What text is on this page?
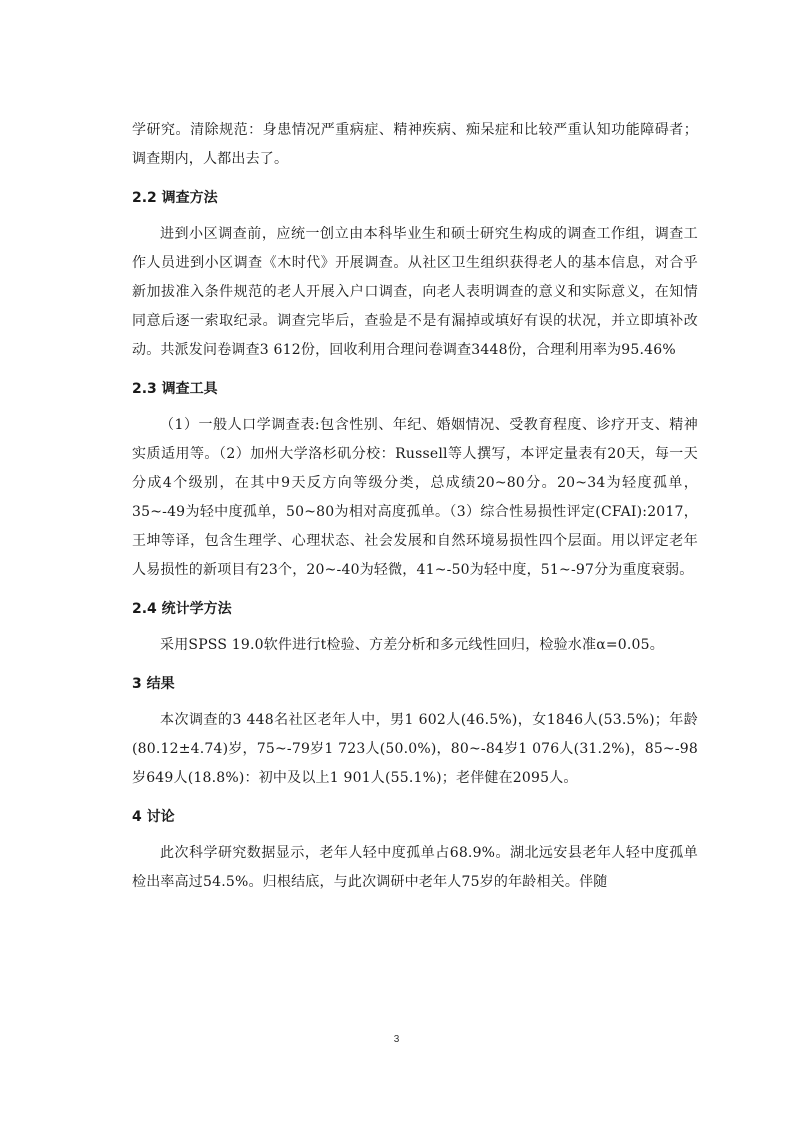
学研究。清除规范：身患情况严重病症、精神疾病、痴呆症和比较严重认知功能障碍者；调查期内，人都出去了。

2.2 调查方法

进到小区调查前，应统一创立由本科毕业生和硕士研究生构成的调查工作组，调查工作人员进到小区调查《木时代》开展调查。从社区卫生组织获得老人的基本信息，对合乎新加拔准入条件规范的老人开展入户口调查，向老人表明调查的意义和实际意义，在知情同意后逐一索取纪录。调查完毕后，查验是不是有漏掉或填好有误的状况，并立即填补改动。共派发问卷调查3 612份，回收利用合理问卷调查3448份，合理利用率为95.46%

2.3 调查工具

（1）一般人口学调查表:包含性别、年纪、婚姻情况、受教育程度、诊疗开支、精神实质适用等。（2）加州大学洛杉矶分校：Russell等人撰写，本评定量表有20天，每一天分成4个级别，在其中9天反方向等级分类，总成绩20~80分。20~34为轻度孤单，35~-49为轻中度孤单，50~80为相对高度孤单。（3）综合性易损性评定(CFAI):2017，王坤等译，包含生理学、心理状态、社会发展和自然环境易损性四个层面。用以评定老年人易损性的新项目有23个，20~-40为轻微，41~-50为轻中度，51~-97分为重度衰弱。

2.4 统计学方法

采用SPSS 19.0软件进行t检验、方差分析和多元线性回归，检验水准α=0.05。

3 结果

本次调查的3 448名社区老年人中，男1 602人(46.5%)，女1846人(53.5%)；年龄(80.12±4.74)岁，75~-79岁1 723人(50.0%)，80~-84岁1 076人(31.2%)，85~-98岁649人(18.8%)：初中及以上1 901人(55.1%)；老伴健在2095人。

4 讨论

此次科学研究数据显示，老年人轻中度孤单占68.9%。湖北远安县老年人轻中度孤单检出率高过54.5%。归根结底，与此次调研中老年人75岁的年龄相关。伴随

3
